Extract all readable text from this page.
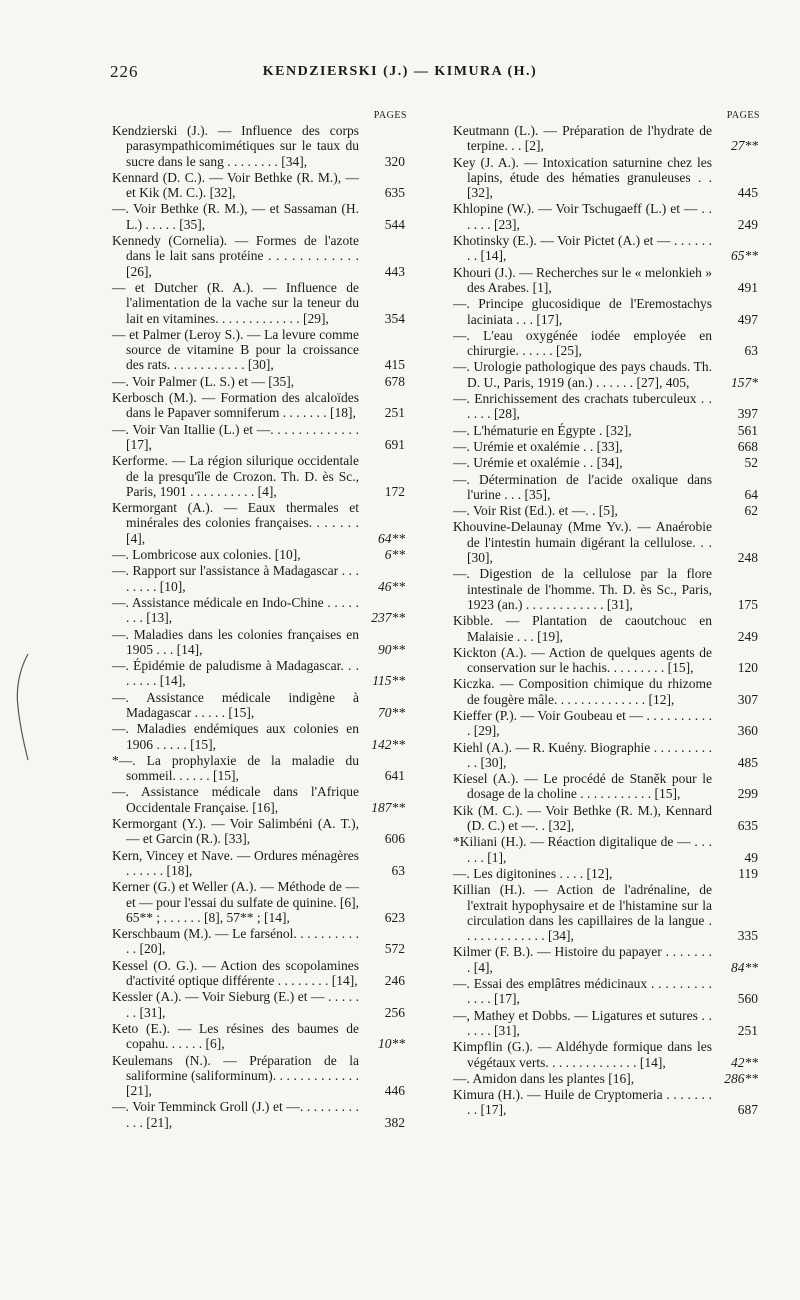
226	KENDZIERSKI (J.) — KIMURA (H.)
PAGES
Kendzierski (J.). — Influence des corps parasympathicomimétiques sur le taux du sucre dans le sang . . . . . . . . [34],	320
Kennard (D. C.). — Voir Bethke (R. M.), — et Kik (M. C.). [32],	635
—. Voir Bethke (R. M.), — et Sassaman (H. L.) . . . . . [35],	544
Kennedy (Cornelia). — Formes de l'azote dans le lait sans protéine . . . . . . . . . . . . [26],	443
— et Dutcher (R. A.). — Influence de l'alimentation de la vache sur la teneur du lait en vitamines. . . . . . . . . . . . . [29],	354
— et Palmer (Leroy S.). — La levure comme source de vitamine B pour la croissance des rats. . . . . . . . . . . . [30],	415
—. Voir Palmer (L. S.) et — [35],	678
Kerbosch (M.). — Formation des alcaloïdes dans le Papaver somniferum . . . . . . . [18],	251
—. Voir Van Itallie (L.) et —. . . . . . . . . . . . . [17],	691
Kerforme. — La région silurique occidentale de la presqu'île de Crozon. Th. D. ès Sc., Paris, 1901 . . . . . . . . . . [4],	172
Kermorgant (A.). — Eaux thermales et minérales des colonies françaises. . . . . . . [4],	64**
—. Lombricose aux colonies. [10],	6**
—. Rapport sur l'assistance à Madagascar . . . . . . . . [10],	46**
—. Assistance médicale en Indo-Chine . . . . . . . . [13],	237**
—. Maladies dans les colonies françaises en 1905 . . . [14],	90**
—. Épidémie de paludisme à Madagascar. . . . . . . . [14],	115**
—. Assistance médicale indigène à Madagascar . . . . . [15],	70**
—. Maladies endémiques aux colonies en 1906 . . . . . [15],	142**
*—. La prophylaxie de la maladie du sommeil. . . . . . [15],	641
—. Assistance médicale dans l'Afrique Occidentale Française. [16],	187**
Kermorgant (Y.). — Voir Salimbéni (A. T.), — et Garcin (R.). [33],	606
Kern, Vincey et Nave. — Ordures ménagères . . . . . . [18],	63
Kerner (G.) et Weller (A.). — Méthode de — et — pour l'essai du sulfate de quinine. [6], 65** ; . . . . . . [8], 57** ; [14],	623
Kerschbaum (M.). — Le farsénol. . . . . . . . . . . . [20],	572
Kessel (O. G.). — Action des scopolamines d'activité optique différente . . . . . . . . [14],	246
Kessler (A.). — Voir Sieburg (E.) et — . . . . . . . [31],	256
Keto (E.). — Les résines des baumes de copahu. . . . . . [6],	10**
Keulemans (N.). — Préparation de la saliformine (saliforminum). . . . . . . . . . . . . [21],	446
—. Voir Temminck Groll (J.) et —. . . . . . . . . . . . [21],	382
PAGES
Keutmann (L.). — Préparation de l'hydrate de terpine. . . [2],	27**
Key (J. A.). — Intoxication saturnine chez les lapins, étude des hématies granuleuses . . [32],	445
Khlopine (W.). — Voir Tschugaeff (L.) et — . . . . . . [23],	249
Khotinsky (E.). — Voir Pictet (A.) et — . . . . . . . . [14],	65**
Khouri (J.). — Recherches sur le « melonkieh » des Arabes. [1],	491
—. Principe glucosidique de l'Eremostachys laciniata . . . [17],	497
—. L'eau oxygénée iodée employée en chirurgie. . . . . . [25],	63
—. Urologie pathologique des pays chauds. Th. D. U., Paris, 1919 (an.) . . . . . . [27], 405,	157*
—. Enrichissement des crachats tuberculeux . . . . . . [28],	397
—. L'hématurie en Égypte . [32],	561
—. Urémie et oxalémie . . [33],	668
—. Urémie et oxalémie . . [34],	52
—. Détermination de l'acide oxalique dans l'urine . . . [35],	64
—. Voir Rist (Ed.). et —. . [5],	62
Khouvine-Delaunay (Mme Yv.). — Anaérobie de l'intestin humain digérant la cellulose. . . [30],	248
—. Digestion de la cellulose par la flore intestinale de l'homme. Th. D. ès Sc., Paris, 1923 (an.) . . . . . . . . . . . . [31],	175
Kibble. — Plantation de caoutchouc en Malaisie . . . [19],	249
Kickton (A.). — Action de quelques agents de conservation sur le hachis. . . . . . . . . [15],	120
Kiczka. — Composition chimique du rhizome de fougère mâle. . . . . . . . . . . . . . [12],	307
Kieffer (P.). — Voir Goubeau et — . . . . . . . . . . . [29],	360
Kiehl (A.). — R. Kuény. Biographie . . . . . . . . . . . [30],	485
Kiesel (A.). — Le procédé de Staněk pour le dosage de la choline . . . . . . . . . . . [15],	299
Kik (M. C.). — Voir Bethke (R. M.), Kennard (D. C.) et —. . [32],	635
*Kiliani (H.). — Réaction digitalique de — . . . . . . [1],	49
—. Les digitonines . . . . [12],	119
Killian (H.). — Action de l'adrénaline, de l'extrait hypophysaire et de l'histamine sur la circulation dans les capillaires de la langue . . . . . . . . . . . . . [34],	335
Kilmer (F. B.). — Histoire du papayer . . . . . . . . [4],	84**
—. Essai des emplâtres médicinaux . . . . . . . . . . . . . [17],	560
—, Mathey et Dobbs. — Ligatures et sutures . . . . . . [31],	251
Kimpflin (G.). — Aldéhyde formique dans les végétaux verts. . . . . . . . . . . . . . [14],	42**
—. Amidon dans les plantes [16],	286**
Kimura (H.). — Huile de Cryptomeria . . . . . . . . . [17],	687
